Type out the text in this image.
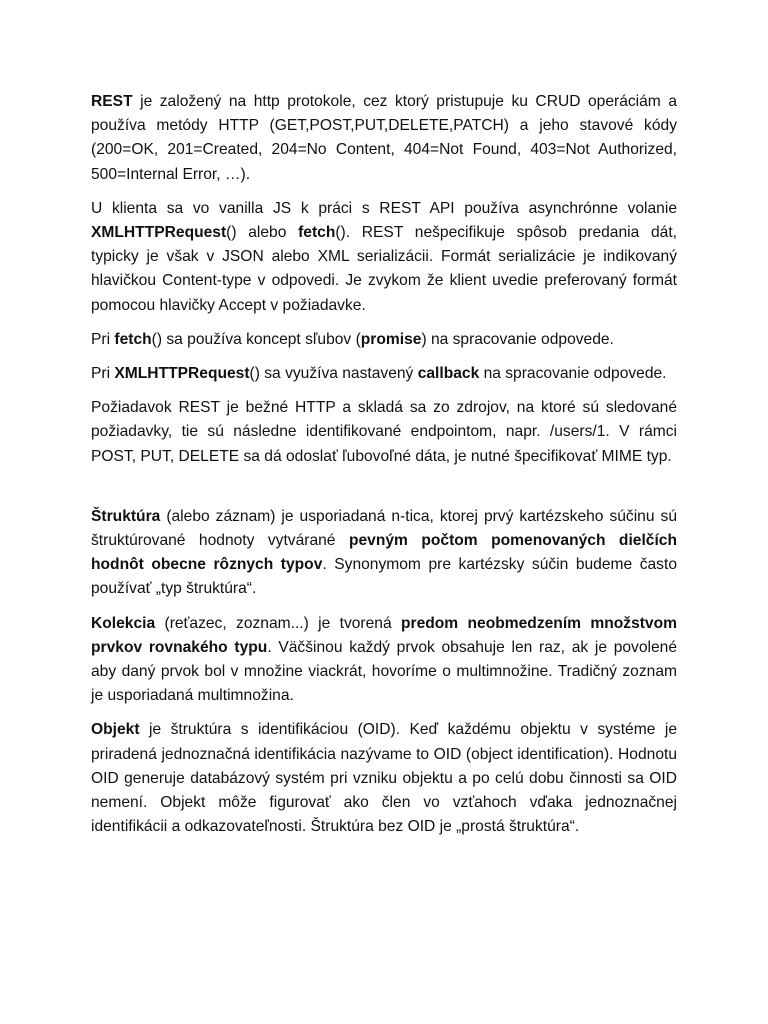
REST je založený na http protokole, cez ktorý pristupuje ku CRUD operáciám a používa metódy HTTP (GET,POST,PUT,DELETE,PATCH) a jeho stavové kódy (200=OK, 201=Created, 204=No Content, 404=Not Found, 403=Not Authorized, 500=Internal Error, …).

U klienta sa vo vanilla JS k práci s REST API používa asynchrónne volanie XMLHTTPRequest() alebo fetch(). REST nešpecifikuje spôsob predania dát, typicky je však v JSON alebo XML serializácii. Formát serializácie je indikovaný hlavičkou Content-type v odpovedi. Je zvykom že klient uvedie preferovaný formát pomocou hlavičky Accept v požiadavke.

Pri fetch() sa používa koncept sľubov (promise) na spracovanie odpovede.

Pri XMLHTTPRequest() sa využíva nastavený callback na spracovanie odpovede.

Požiadavok REST je bežné HTTP a skladá sa zo zdrojov, na ktoré sú sledované požiadavky, tie sú následne identifikované endpointom, napr. /users/1. V rámci POST, PUT, DELETE sa dá odoslať ľubovoľné dáta, je nutné špecifikovať MIME typ.

Štruktúra (alebo záznam) je usporiadaná n-tica, ktorej prvý kartézskeho súčinu sú štruktúrované hodnoty vytvárané pevným počtom pomenovaných dielčích hodnôt obecne rôznych typov. Synonymom pre kartézsky súčin budeme často používať „typ štruktúra“.

Kolekcia (reťazec, zoznam...) je tvorená predom neobmedzením množstvom prvkov rovnakého typu. Väčšinou každý prvok obsahuje len raz, ak je povolené aby daný prvok bol v množine viackrát, hovoríme o multimnožine. Tradičný zoznam je usporiadaná multimnožina.

Objekt je štruktúra s identifikáciou (OID). Keď každému objektu v systéme je priradená jednoznačná identifikácia nazývame to OID (object identification). Hodnotu OID generuje databázový systém pri vzniku objektu a po celú dobu činnosti sa OID nemení. Objekt môže figurovať ako člen vo vzťahoch vďaka jednoznačnej identifikácii a odkazovateľnosti. Štruktúra bez OID je „prostá štruktúra“.
